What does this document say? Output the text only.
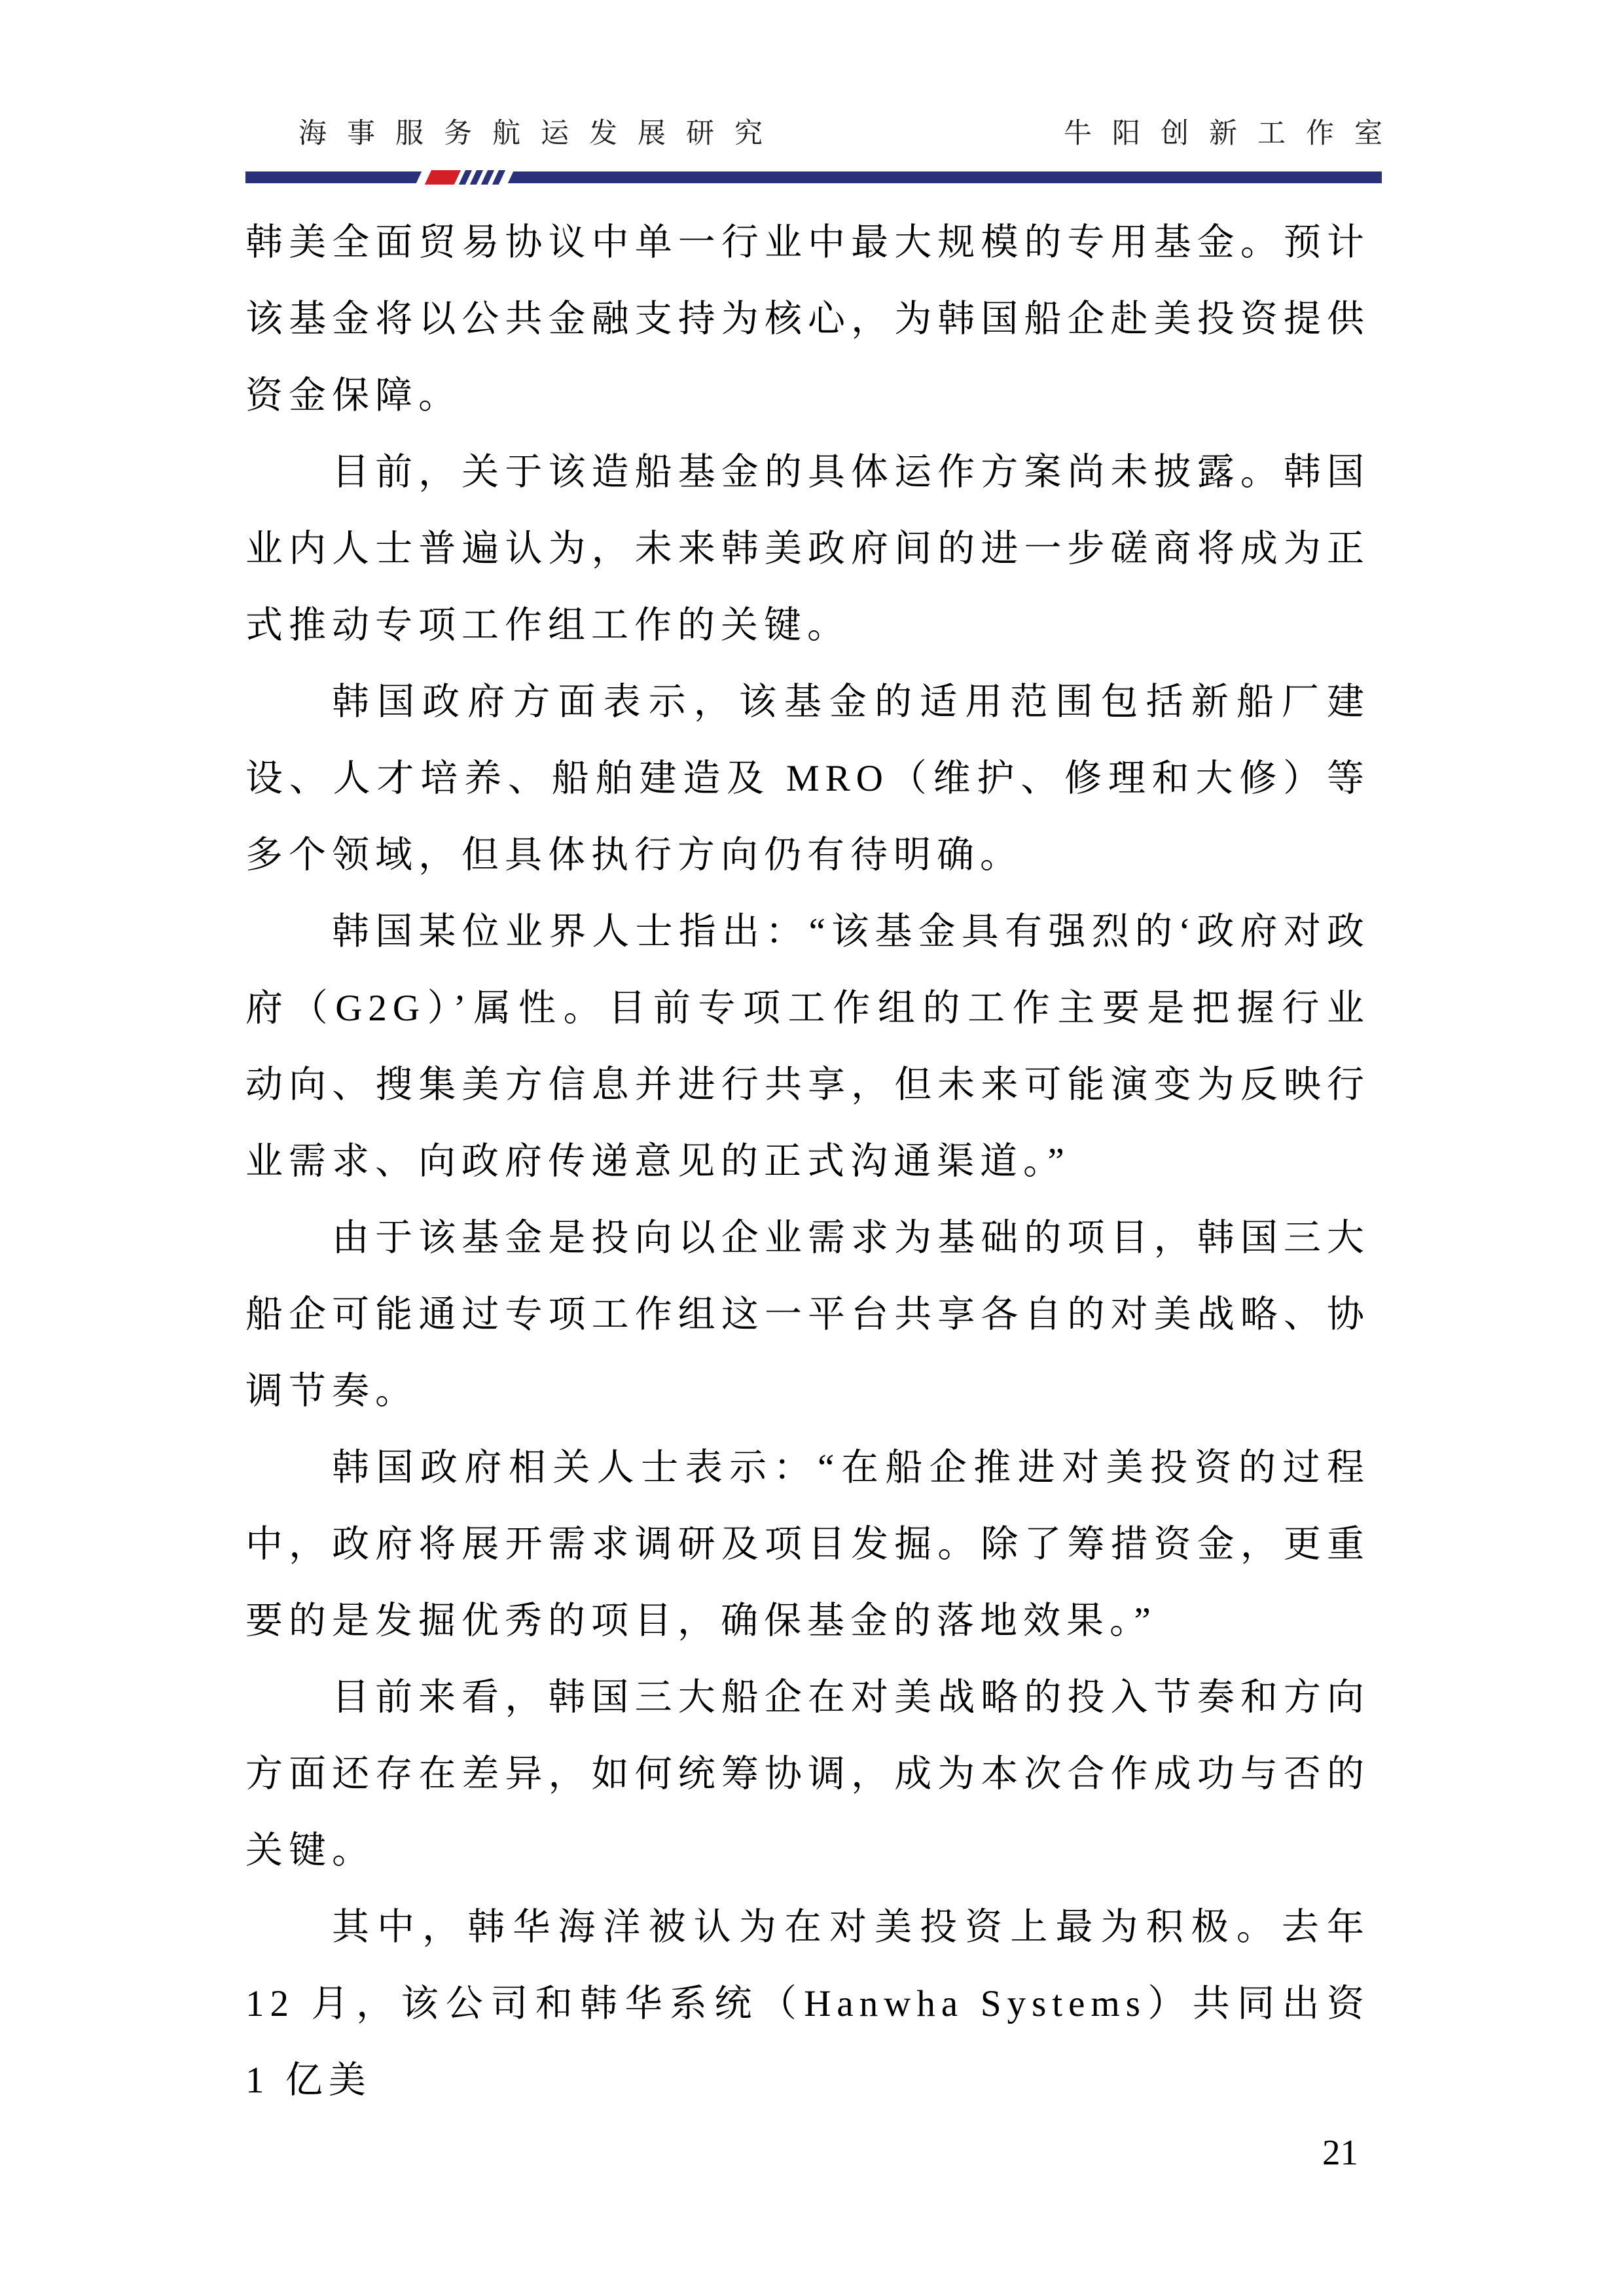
海事服务航运发展研究	牛阳创新工作室

韩美全面贸易协议中单一行业中最大规模的专用基金。预计该基金将以公共金融支持为核心，为韩国船企赴美投资提供资金保障。

目前，关于该造船基金的具体运作方案尚未披露。韩国业内人士普遍认为，未来韩美政府间的进一步磋商将成为正式推动专项工作组工作的关键。

韩国政府方面表示，该基金的适用范围包括新船厂建设、人才培养、船舶建造及 MRO（维护、修理和大修）等多个领域，但具体执行方向仍有待明确。

韩国某位业界人士指出：“该基金具有强烈的‘政府对政府（G2G）’属性。目前专项工作组的工作主要是把握行业动向、搜集美方信息并进行共享，但未来可能演变为反映行业需求、向政府传递意见的正式沟通渠道。”

由于该基金是投向以企业需求为基础的项目，韩国三大船企可能通过专项工作组这一平台共享各自的对美战略、协调节奏。

韩国政府相关人士表示：“在船企推进对美投资的过程中，政府将展开需求调研及项目发掘。除了筹措资金，更重要的是发掘优秀的项目，确保基金的落地效果。”

目前来看，韩国三大船企在对美战略的投入节奏和方向方面还存在差异，如何统筹协调，成为本次合作成功与否的关键。

其中，韩华海洋被认为在对美投资上最为积极。去年 12 月，该公司和韩华系统（Hanwha Systems）共同出资 1 亿美

21
